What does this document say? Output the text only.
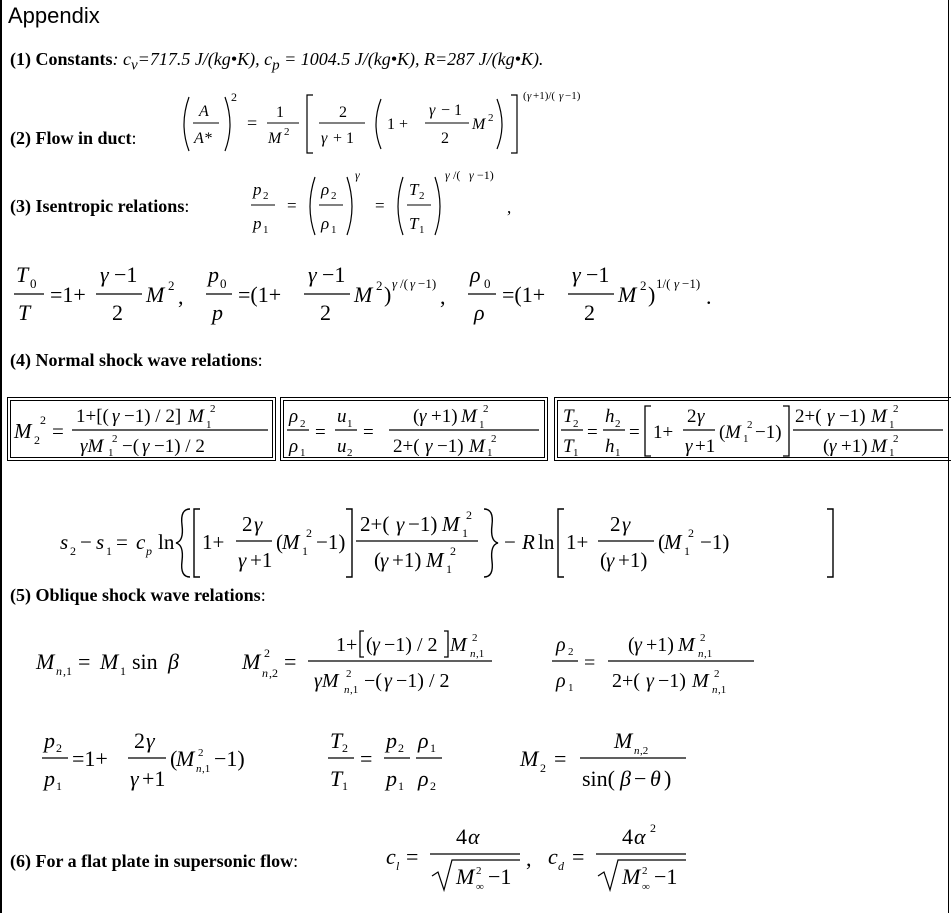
Appendix
(1) Constants: $c_v=717.5$ J/(kg•K), $c_p = 1004.5$ J/(kg•K), R=287 J/(kg•K).
(2) Flow in duct:
A
A*
2
=
1
M 2
2
γ + 1
1 +
γ − 1
2
M 2
( γ +1)/( γ −1)
(3) Isentropic relations:
p 2
p 1
=
ρ 2
ρ 1
γ
=
T 2
T 1
γ /( γ −1)
,
T 0
T
=1+
γ −1
2
M 2 ,
p 0
p
=(1+
γ −1
2
M 2 ) γ /( γ −1)
,
ρ 0
ρ
=(1+
γ −1
2
M 2 ) 1/( γ −1)
.
(4) Normal shock wave relations:
M 2
2 =
1+[( γ −1) / 2] M 1
2
γM 1
2 −( γ −1) / 2
ρ 2
ρ 1
=
u 1
u 2
=
( γ +1) M 1
2
2+( γ −1) M 1
2
T 2
T 1
=
h 2
h 1
= 1+
2 γ
γ +1
( M 1
2 −1)
2+( γ −1) M 1
2
( γ +1) M 1
2
s 2 − s 1 = c p ln 1+
2 γ
γ +1
( M 1
2 −1)
2+( γ −1) M 1
2
( γ +1) M 1
2 − R ln 1+
2 γ
( γ +1)
( M 1
2 −1)
(5) Oblique shock wave relations:
M n ,1 = M 1 sin β	M n ,2
2 =
1+ ( γ −1) / 2 M n ,1
2
γM n ,1
2 −( γ −1) / 2
ρ 2
ρ 1
=
( γ +1) M n ,1
2
2+( γ −1) M n ,1
2
p 2
p 1
=1+
2 γ
γ +1
(
M n ,1
2 −1)
T 2
T 1
=
p 2
p 1
ρ 1
ρ 2
M 2 =
M n ,2
sin( β − θ )
(6) For a flat plate in supersonic flow:	c l =
4 α
M ∞
2 −1
, c d =
4 α 2
M ∞
2 −1
